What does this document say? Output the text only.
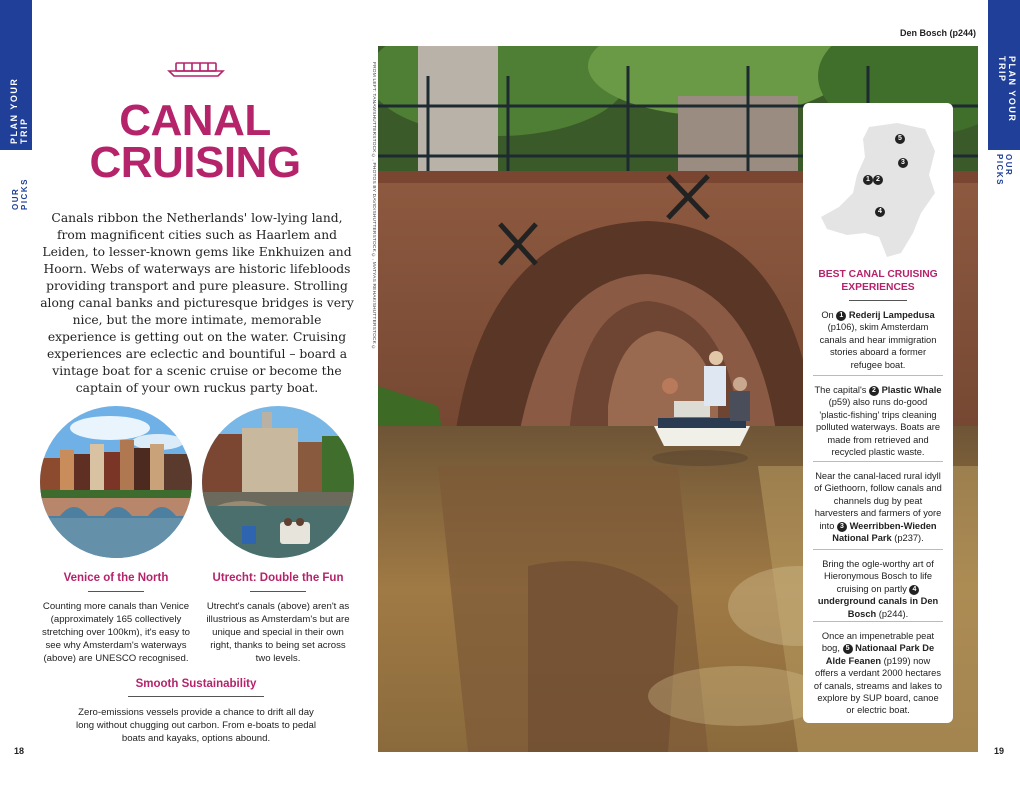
PLAN YOUR TRIP
OUR PICKS
PLAN YOUR TRIP
OUR PICKS
Den Bosch (p244)
CANAL
CRUISING
Canals ribbon the Netherlands' low-lying land, from magnificent cities such as Haarlem and Leiden, to lesser-known gems like Enkhuizen and Hoorn. Webs of waterways are historic lifebloods providing transport and pure pleasure. Strolling along canal banks and picturesque bridges is very nice, but the more intimate, memorable experience is getting out on the water. Cruising experiences are eclectic and bountiful – board a vintage boat for a scenic cruise or become the captain of your own ruckus party boat.
Venice of the North
Counting more canals than Venice (approximately 165 collectively stretching over 100km), it's easy to see why Amsterdam's waterways (above) are UNESCO recognised.
Utrecht: Double the Fun
Utrecht's canals (above) aren't as illustrious as Amsterdam's but are unique and special in their own right, thanks to being set across two levels.
Smooth Sustainability
Zero-emissions vessels provide a chance to drift all day long without chugging out carbon. From e-boats to pedal boats and kayaks, options abound.
FROM LEFT: TANAWSHUTTERSTOCK ©, PHOTOS BY DAVID/SHUTTERSTOCK ©, MATYAS REHAK/SHUTTERSTOCK ©	5
3
1 2
4
BEST CANAL CRUISING
EXPERIENCES
On 1 Rederij Lampedusa (p106), skim Amsterdam canals and hear immigration stories aboard a former refugee boat.
The capital's 2 Plastic Whale (p59) also runs do-good 'plastic-fishing' trips cleaning polluted waterways. Boats are made from retrieved and recycled plastic waste.
Near the canal-laced rural idyll of Giethoorn, follow canals and channels dug by peat harvesters and farmers of yore into 3 Weerribben-Wieden National Park (p237).
Bring the ogle-worthy art of Hieronymous Bosch to life cruising on partly 4 underground canals in Den Bosch (p244).
Once an impenetrable peat bog, 5 Nationaal Park De Alde Feanen (p199) now offers a verdant 2000 hectares of canals, streams and lakes to explore by SUP board, canoe or electric boat.
18	19
